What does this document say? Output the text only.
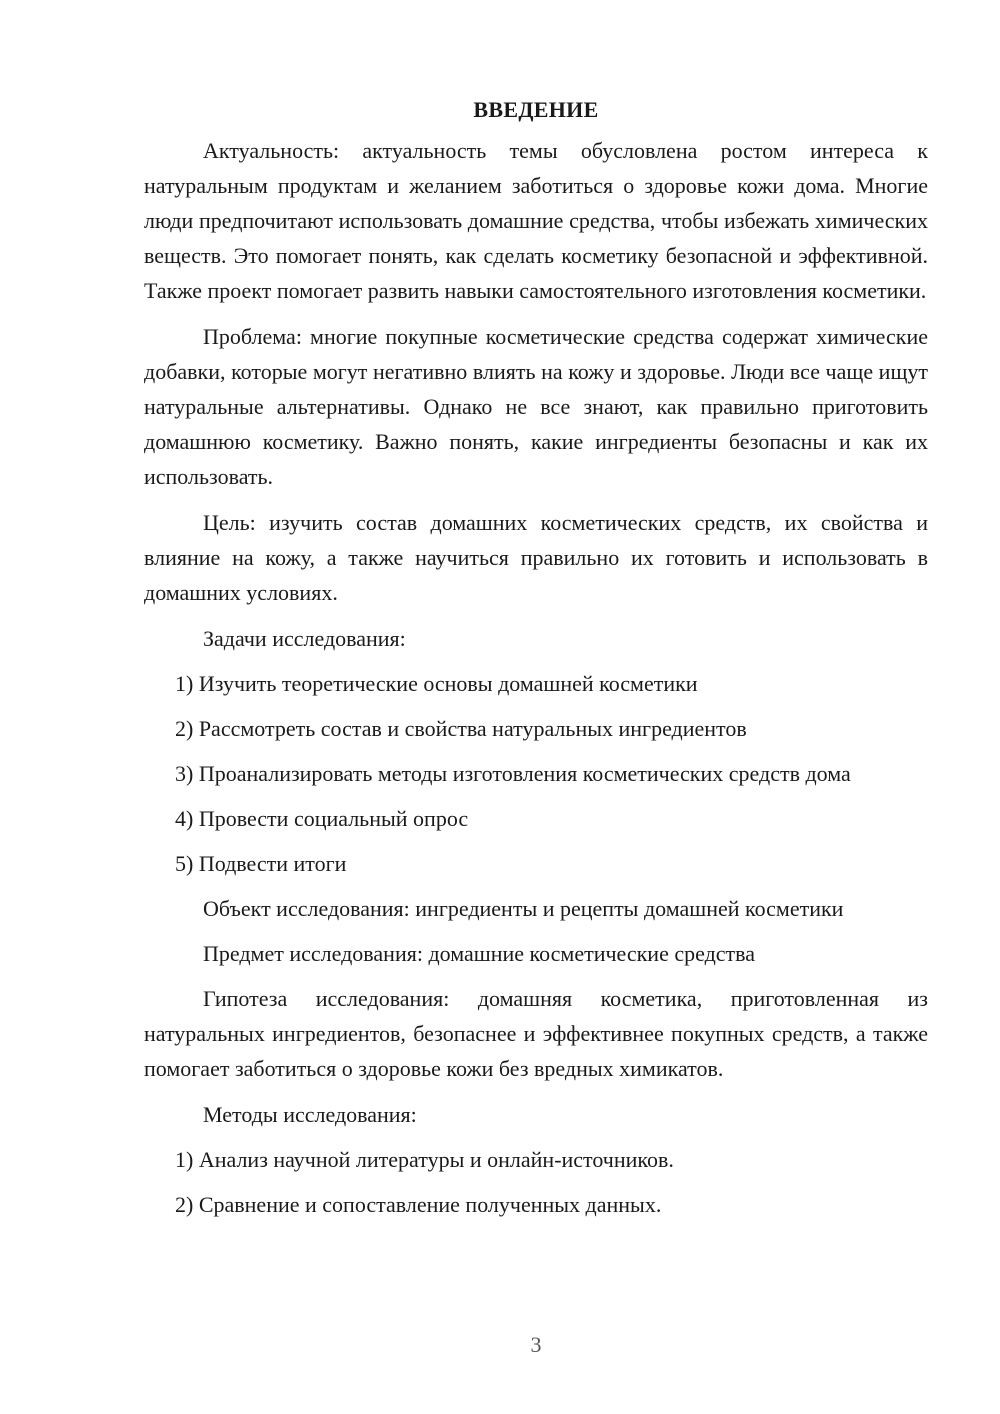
ВВЕДЕНИЕ

Актуальность: актуальность темы обусловлена ростом интереса к натуральным продуктам и желанием заботиться о здоровье кожи дома. Многие люди предпочитают использовать домашние средства, чтобы избежать химических веществ. Это помогает понять, как сделать косметику безопасной и эффективной. Также проект помогает развить навыки самостоятельного изготовления косметики.

Проблема: многие покупные косметические средства содержат химические добавки, которые могут негативно влиять на кожу и здоровье. Люди все чаще ищут натуральные альтернативы. Однако не все знают, как правильно приготовить домашнюю косметику. Важно понять, какие ингредиенты безопасны и как их использовать.

Цель: изучить состав домашних косметических средств, их свойства и влияние на кожу, а также научиться правильно их готовить и использовать в домашних условиях.

Задачи исследования:

1) Изучить теоретические основы домашней косметики

2) Рассмотреть состав и свойства натуральных ингредиентов

3) Проанализировать методы изготовления косметических средств дома

4) Провести социальный опрос

5) Подвести итоги

Объект исследования: ингредиенты и рецепты домашней косметики

Предмет исследования: домашние косметические средства

Гипотеза исследования: домашняя косметика, приготовленная из натуральных ингредиентов, безопаснее и эффективнее покупных средств, а также помогает заботиться о здоровье кожи без вредных химикатов.

Методы исследования:

1) Анализ научной литературы и онлайн-источников.

2) Сравнение и сопоставление полученных данных.

3
